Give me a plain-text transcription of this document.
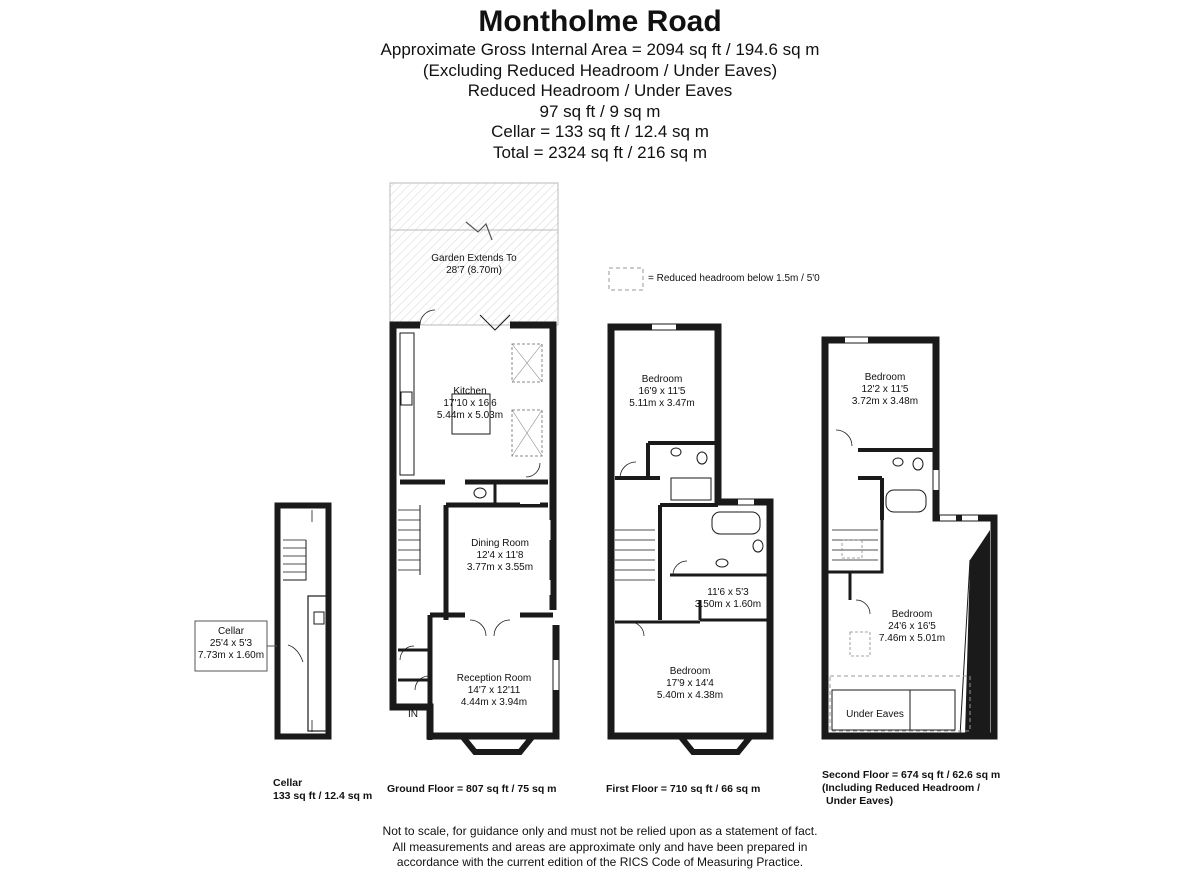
Montholme Road
Approximate Gross Internal Area = 2094 sq ft / 194.6 sq m
(Excluding Reduced Headroom / Under Eaves)
Reduced Headroom / Under Eaves
97 sq ft / 9 sq m
Cellar = 133 sq ft / 12.4 sq m
Total = 2324 sq ft / 216 sq m
Garden Extends To
28'7 (8.70m)
= Reduced headroom below 1.5m / 5'0
Cellar
25'4 x 5'3
7.73m x 1.60m
Kitchen
17'10 x 16'6
5.44m x 5.03m
Dining Room
12'4 x 11'8
3.77m x 3.55m
Reception Room
14'7 x 12'11
4.44m x 3.94m
IN
Bedroom
16'9 x 11'5
5.11m x 3.47m
11'6 x 5'3
3.50m x 1.60m
Bedroom
17'9 x 14'4
5.40m x 4.38m
Bedroom
12'2 x 11'5
3.72m x 3.48m
Bedroom
24'6 x 16'5
7.46m x 5.01m
Under Eaves
Cellar
133 sq ft / 12.4 sq m
Ground Floor = 807 sq ft / 75 sq m	First Floor = 710 sq ft / 66 sq m
Second Floor = 674 sq ft / 62.6 sq m
(Including Reduced Headroom /
Under Eaves)
Not to scale, for guidance only and must not be relied upon as a statement of fact.
All measurements and areas are approximate only and have been prepared in
accordance with the current edition of the RICS Code of Measuring Practice.
